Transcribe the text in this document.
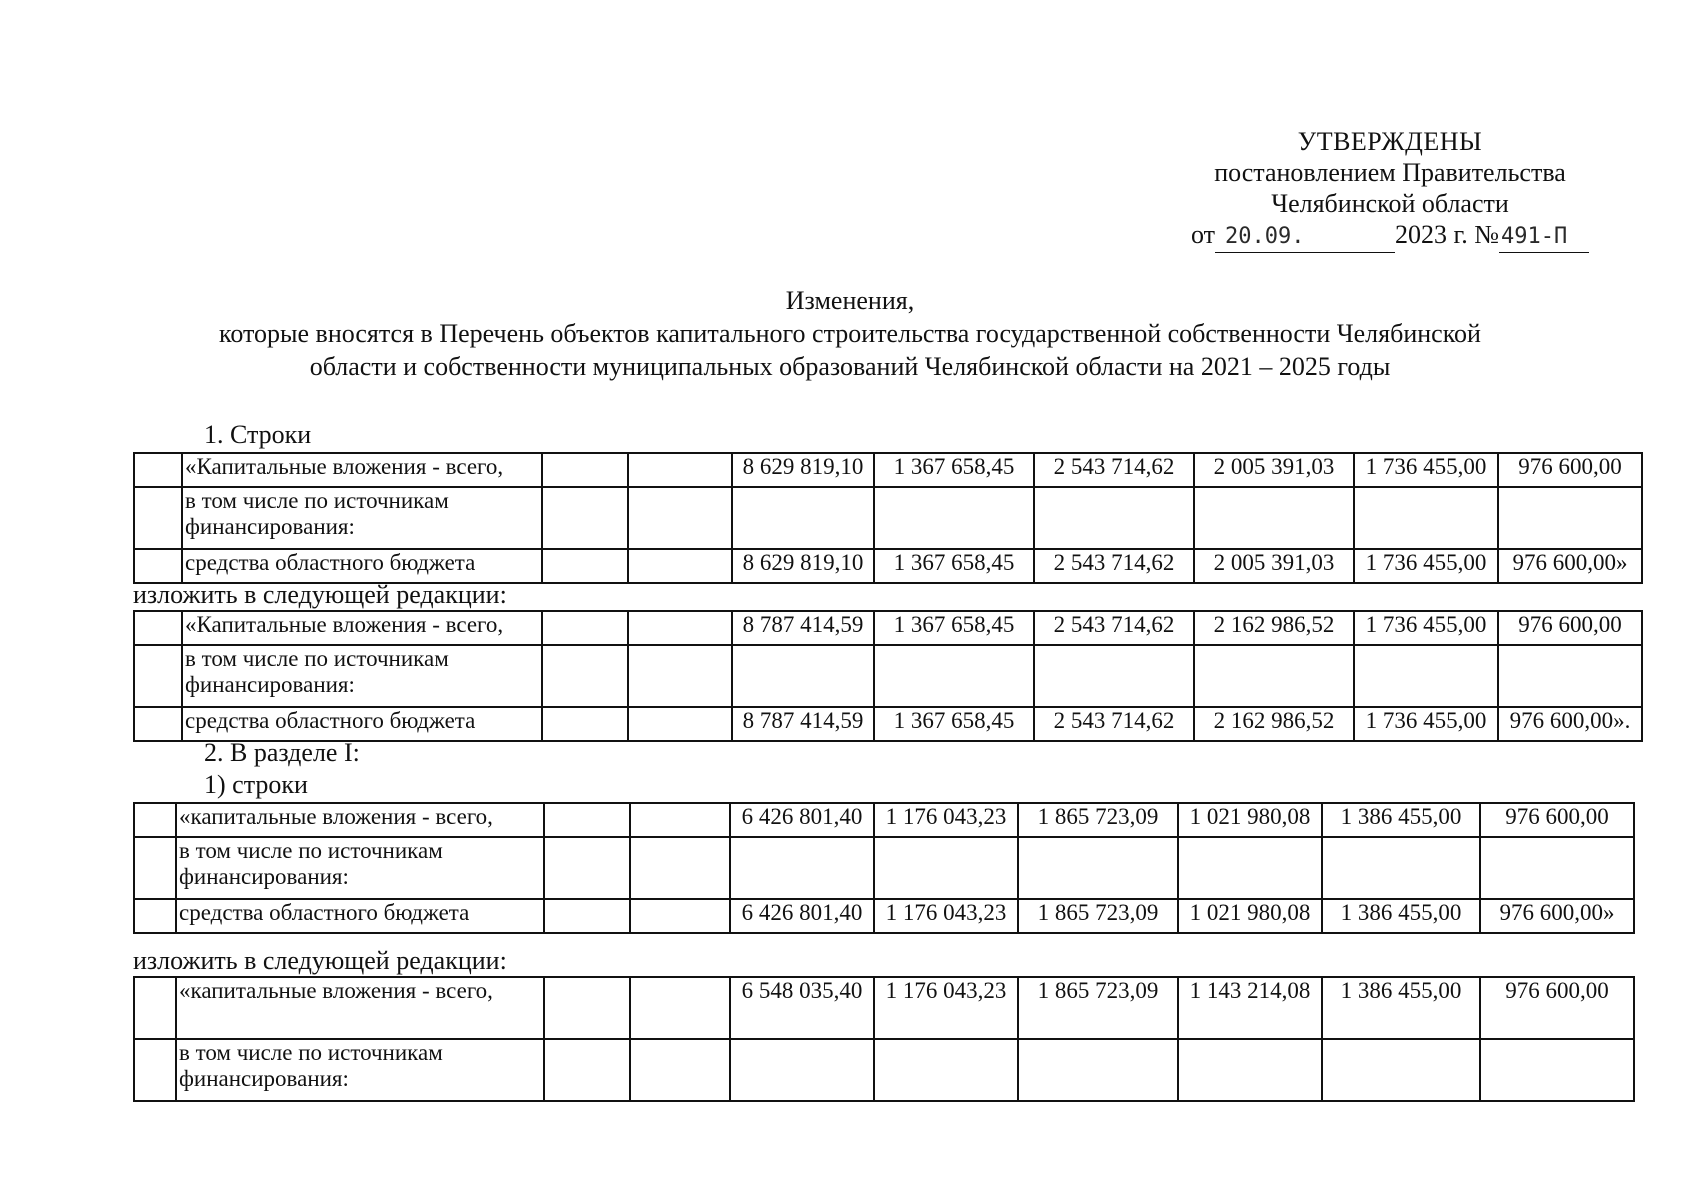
УТВЕРЖДЕНЫ
постановлением Правительства
Челябинской области
от 20.09.	2023 г. №491-П
Изменения,
которые вносятся в Перечень объектов капитального строительства государственной собственности Челябинской
области и собственности муниципальных образований Челябинской области на 2021 – 2025 годы
1. Строки
	«Капитальные вложения - всего,			8 629 819,10	1 367 658,45	2 543 714,62	2 005 391,03	1 736 455,00	976 600,00
	в том числе по источникам финансирования:								
	средства областного бюджета			8 629 819,10	1 367 658,45	2 543 714,62	2 005 391,03	1 736 455,00	976 600,00»
изложить в следующей редакции:
	«Капитальные вложения - всего,			8 787 414,59	1 367 658,45	2 543 714,62	2 162 986,52	1 736 455,00	976 600,00
	в том числе по источникам финансирования:								
	средства областного бюджета			8 787 414,59	1 367 658,45	2 543 714,62	2 162 986,52	1 736 455,00	976 600,00».
2. В разделе I:
1) строки
	«капитальные вложения - всего,			6 426 801,40	1 176 043,23	1 865 723,09	1 021 980,08	1 386 455,00	976 600,00
	в том числе по источникам финансирования:								
	средства областного бюджета			6 426 801,40	1 176 043,23	1 865 723,09	1 021 980,08	1 386 455,00	976 600,00»
изложить в следующей редакции:
	«капитальные вложения - всего,			6 548 035,40	1 176 043,23	1 865 723,09	1 143 214,08	1 386 455,00	976 600,00
	в том числе по источникам финансирования:								
